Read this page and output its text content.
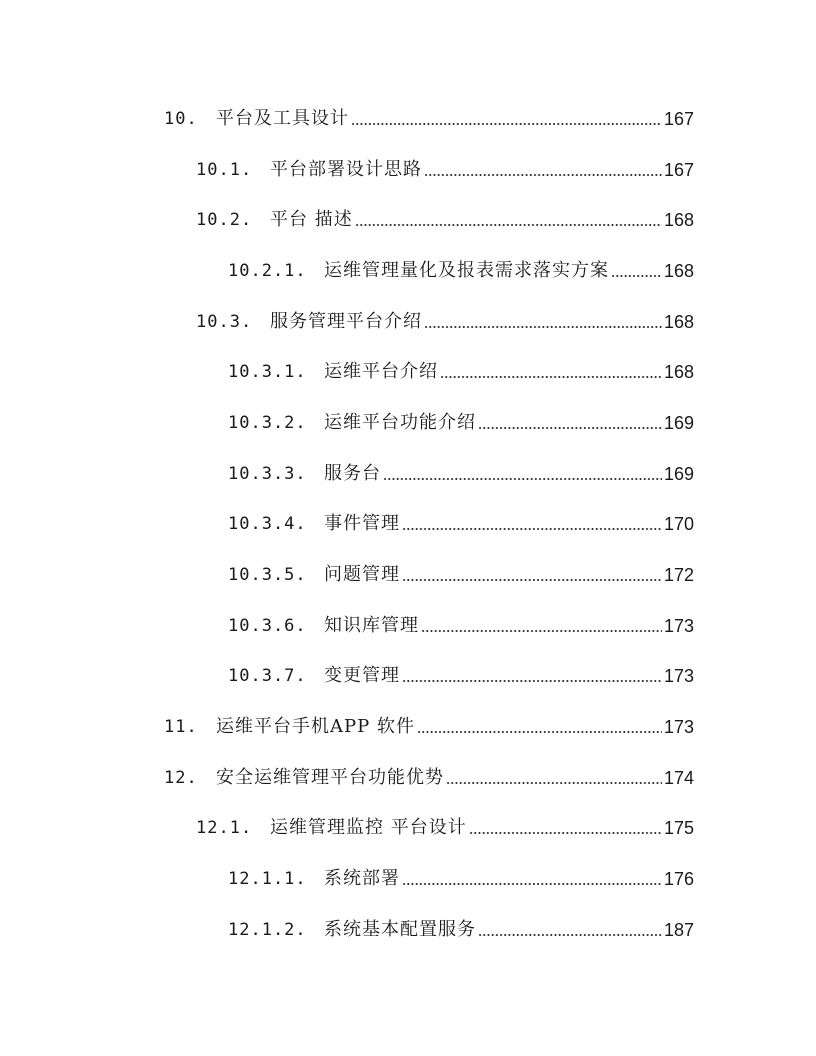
10.	平台及工具设计	167
10.1. 平台部署设计思路	167
10.2. 平台 描述	168
10.2.1. 运维管理量化及报表需求落实方案	168
10.3. 服务管理平台介绍	168
10.3.1. 运维平台介绍	168
10.3.2. 运维平台功能介绍	169
10.3.3. 服务台	169
10.3.4. 事件管理	170
10.3.5. 问题管理	172
10.3.6. 知识库管理	173
10.3.7. 变更管理	173
11.	运维平台手机APP 软件	173
12.	安全运维管理平台功能优势	174
12.1. 运维管理监控 平台设计	175
12.1.1. 系统部署	176
12.1.2. 系统基本配置服务	187
